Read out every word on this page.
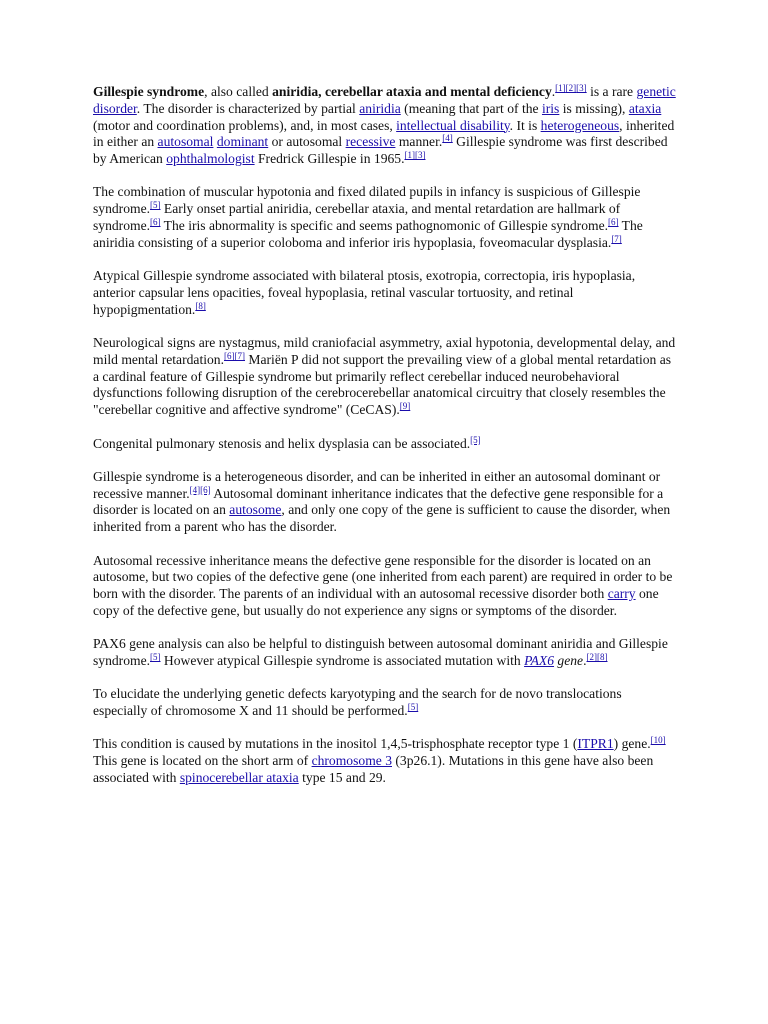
Gillespie syndrome, also called aniridia, cerebellar ataxia and mental deficiency.[1][2][3] is a rare genetic disorder. The disorder is characterized by partial aniridia (meaning that part of the iris is missing), ataxia (motor and coordination problems), and, in most cases, intellectual disability. It is heterogeneous, inherited in either an autosomal dominant or autosomal recessive manner.[4] Gillespie syndrome was first described by American ophthalmologist Fredrick Gillespie in 1965.[1][3]

The combination of muscular hypotonia and fixed dilated pupils in infancy is suspicious of Gillespie syndrome.[5] Early onset partial aniridia, cerebellar ataxia, and mental retardation are hallmark of syndrome.[6] The iris abnormality is specific and seems pathognomonic of Gillespie syndrome.[6] The aniridia consisting of a superior coloboma and inferior iris hypoplasia, foveomacular dysplasia.[7]

Atypical Gillespie syndrome associated with bilateral ptosis, exotropia, correctopia, iris hypoplasia, anterior capsular lens opacities, foveal hypoplasia, retinal vascular tortuosity, and retinal hypopigmentation.[8]

Neurological signs are nystagmus, mild craniofacial asymmetry, axial hypotonia, developmental delay, and mild mental retardation.[6][7] Mariën P did not support the prevailing view of a global mental retardation as a cardinal feature of Gillespie syndrome but primarily reflect cerebellar induced neurobehavioral dysfunctions following disruption of the cerebrocerebellar anatomical circuitry that closely resembles the "cerebellar cognitive and affective syndrome" (CeCAS).[9]

Congenital pulmonary stenosis and helix dysplasia can be associated.[5]

Gillespie syndrome is a heterogeneous disorder, and can be inherited in either an autosomal dominant or recessive manner.[4][6] Autosomal dominant inheritance indicates that the defective gene responsible for a disorder is located on an autosome, and only one copy of the gene is sufficient to cause the disorder, when inherited from a parent who has the disorder.

Autosomal recessive inheritance means the defective gene responsible for the disorder is located on an autosome, but two copies of the defective gene (one inherited from each parent) are required in order to be born with the disorder. The parents of an individual with an autosomal recessive disorder both carry one copy of the defective gene, but usually do not experience any signs or symptoms of the disorder.

PAX6 gene analysis can also be helpful to distinguish between autosomal dominant aniridia and Gillespie syndrome.[5] However atypical Gillespie syndrome is associated mutation with PAX6 gene.[2][8]

To elucidate the underlying genetic defects karyotyping and the search for de novo translocations especially of chromosome X and 11 should be performed.[5]

This condition is caused by mutations in the inositol 1,4,5-trisphosphate receptor type 1 (ITPR1) gene.[10] This gene is located on the short arm of chromosome 3 (3p26.1). Mutations in this gene have also been associated with spinocerebellar ataxia type 15 and 29.
